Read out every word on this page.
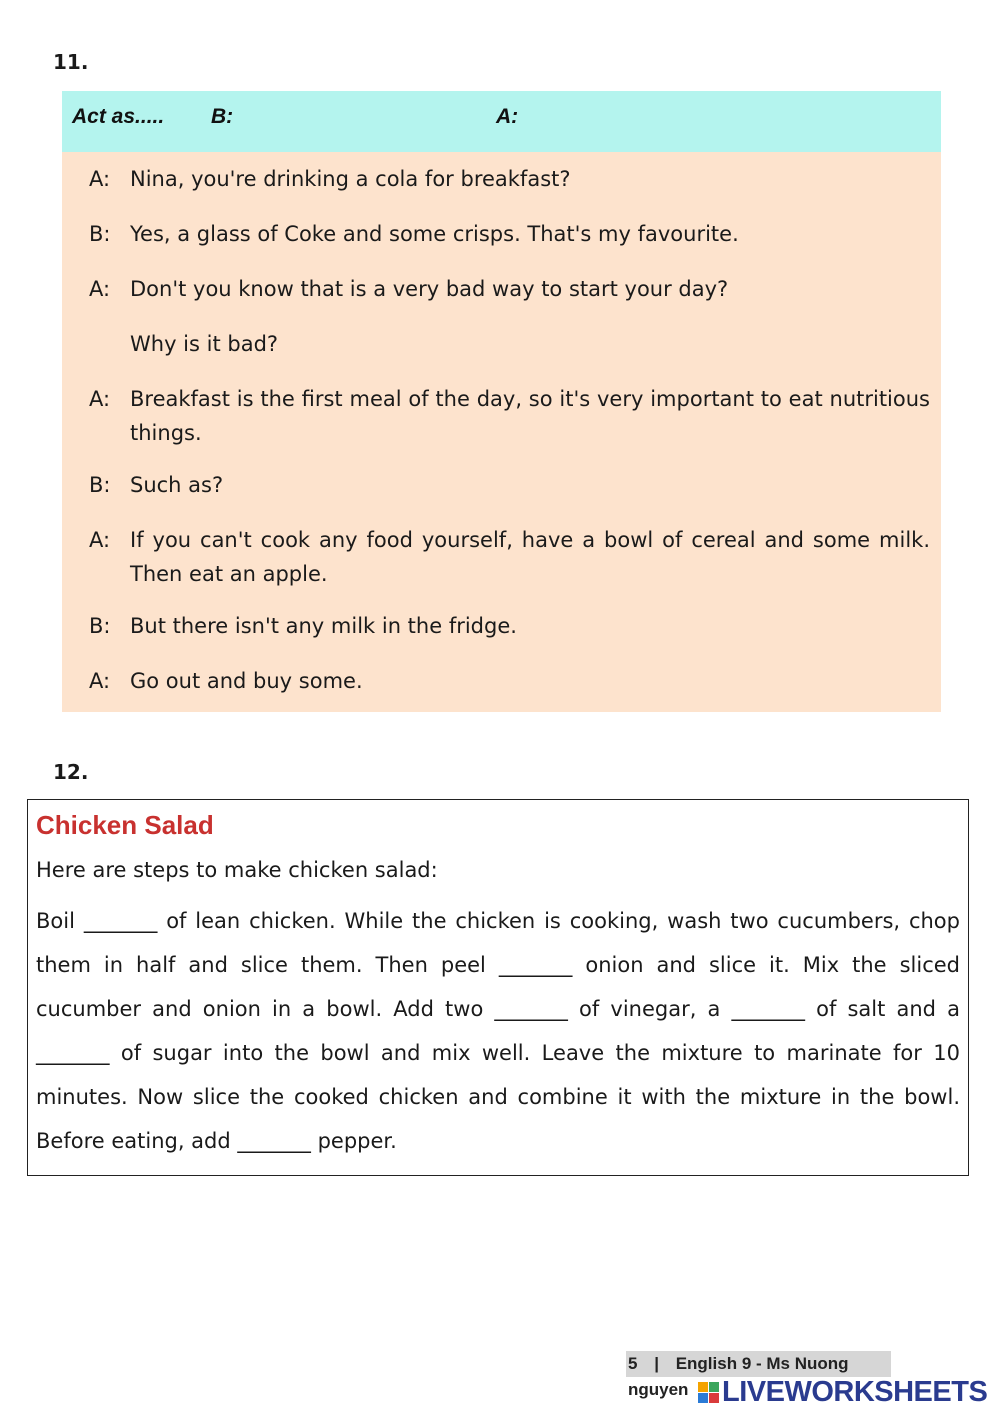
11.
Act as..... B:	A:
A: Nina, you're drinking a cola for breakfast?
B: Yes, a glass of Coke and some crisps. That's my favourite.
A: Don't you know that is a very bad way to start your day?
Why is it bad?
A: Breakfast is the first meal of the day, so it's very important to eat nutritious things.
B: Such as?
A: If you can't cook any food yourself, have a bowl of cereal and some milk. Then eat an apple.
B: But there isn't any milk in the fridge.
A: Go out and buy some.
12.
Chicken Salad
Here are steps to make chicken salad:
Boil _______ of lean chicken. While the chicken is cooking, wash two cucumbers, chop them in half and slice them. Then peel _______ onion and slice it. Mix the sliced cucumber and onion in a bowl. Add two _______ of vinegar, a _______ of salt and a _______ of sugar into the bowl and mix well. Leave the mixture to marinate for 10 minutes. Now slice the cooked chicken and combine it with the mixture in the bowl. Before eating, add _______ pepper.
5 | English 9 - Ms Nuong nguyen	LIVEWORKSHEETS
